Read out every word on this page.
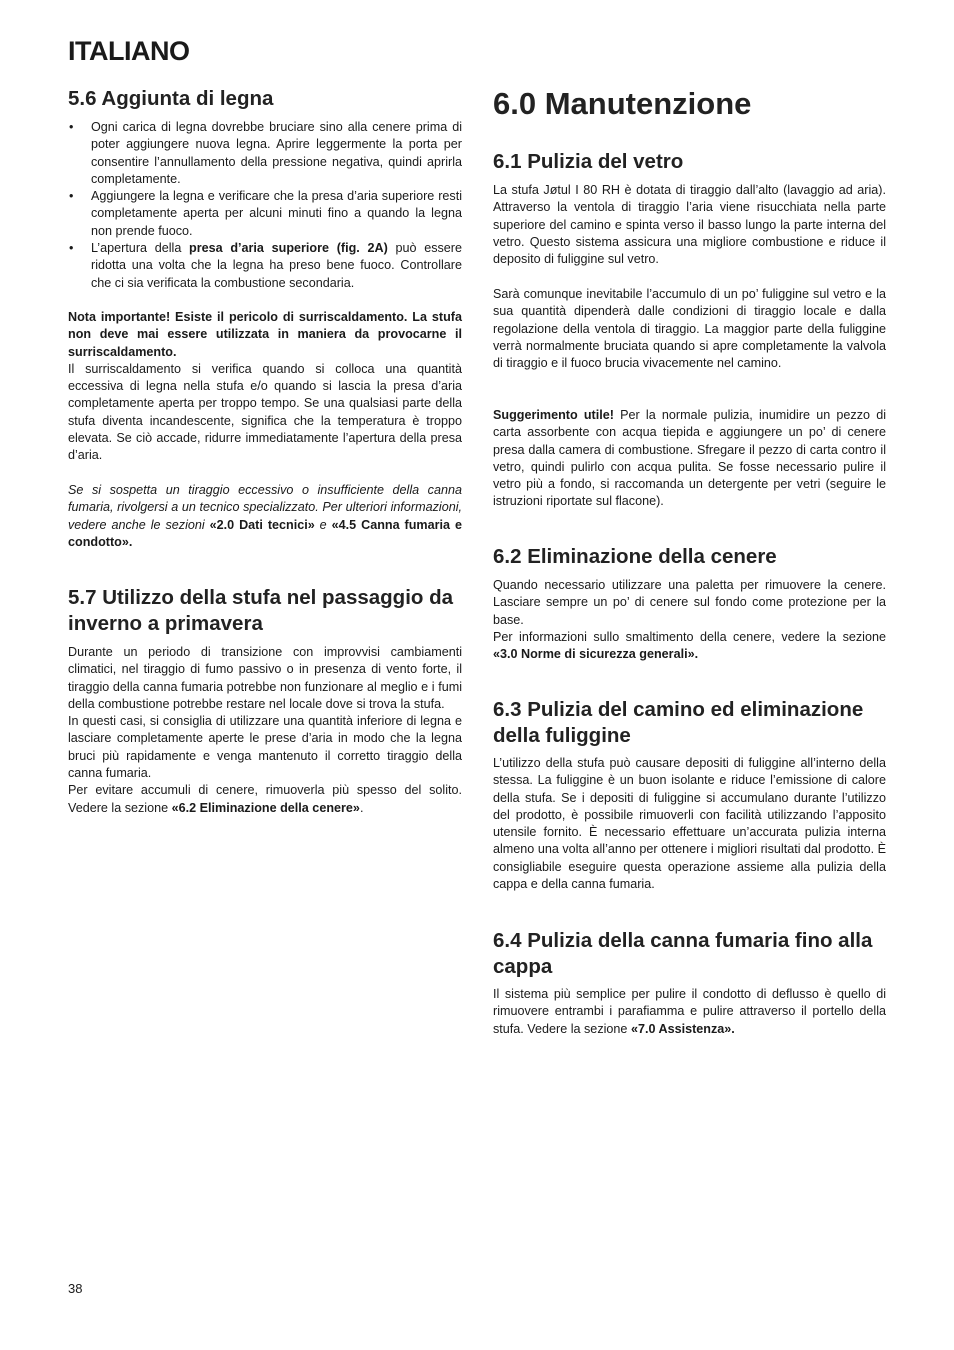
ITALIANO
5.6 Aggiunta di legna
• Ogni carica di legna dovrebbe bruciare sino alla cenere prima di poter aggiungere nuova legna. Aprire leggermente la porta per consentire l’annullamento della pressione negativa, quindi aprirla completamente.
• Aggiungere la legna e verificare che la presa d’aria superiore resti completamente aperta per alcuni minuti fino a quando la legna non prende fuoco.
• L’apertura della presa d’aria superiore (fig. 2A) può essere ridotta una volta che la legna ha preso bene fuoco. Controllare che ci sia verificata la combustione secondaria.

Nota importante! Esiste il pericolo di surriscaldamento. La stufa non deve mai essere utilizzata in maniera da provocarne il surriscaldamento.
Il surriscaldamento si verifica quando si colloca una quantità eccessiva di legna nella stufa e/o quando si lascia la presa d’aria completamente aperta per troppo tempo. Se una qualsiasi parte della stufa diventa incandescente, significa che la temperatura è troppo elevata. Se ciò accade, ridurre immediatamente l’apertura della presa d’aria.

Se si sospetta un tiraggio eccessivo o insufficiente della canna fumaria, rivolgersi a un tecnico specializzato. Per ulteriori informazioni, vedere anche le sezioni «2.0 Dati tecnici» e «4.5 Canna fumaria e condotto».

5.7 Utilizzo della stufa nel passaggio da inverno a primavera

Durante un periodo di transizione con improvvisi cambiamenti climatici, nel tiraggio di fumo passivo o in presenza di vento forte, il tiraggio della canna fumaria potrebbe non funzionare al meglio e i fumi della combustione potrebbe restare nel locale dove si trova la stufa.
In questi casi, si consiglia di utilizzare una quantità inferiore di legna e lasciare completamente aperte le prese d’aria in modo che la legna bruci più rapidamente e venga mantenuto il corretto tiraggio della canna fumaria.
Per evitare accumuli di cenere, rimuoverla più spesso del solito. Vedere la sezione «6.2 Eliminazione della cenere».

6.0 Manutenzione
6.1 Pulizia del vetro

La stufa Jøtul I 80 RH è dotata di tiraggio dall’alto (lavaggio ad aria). Attraverso la ventola di tiraggio l’aria viene risucchiata nella parte superiore del camino e spinta verso il basso lungo la parte interna del vetro. Questo sistema assicura una migliore combustione e riduce il deposito di fuliggine sul vetro.

Sarà comunque inevitabile l’accumulo di un po’ fuliggine sul vetro e la sua quantità dipenderà dalle condizioni di tiraggio locale e dalla regolazione della ventola di tiraggio. La maggior parte della fuliggine verrà normalmente bruciata quando si apre completamente la valvola di tiraggio e il fuoco brucia vivacemente nel camino.

Suggerimento utile! Per la normale pulizia, inumidire un pezzo di carta assorbente con acqua tiepida e aggiungere un po’ di cenere presa dalla camera di combustione. Sfregare il pezzo di carta contro il vetro, quindi pulirlo con acqua pulita. Se fosse necessario pulire il vetro più a fondo, si raccomanda un detergente per vetri (seguire le istruzioni riportate sul flacone).

6.2 Eliminazione della cenere

Quando necessario utilizzare una paletta per rimuovere la cenere. Lasciare sempre un po’ di cenere sul fondo come protezione per la base.
Per informazioni sullo smaltimento della cenere, vedere la sezione «3.0 Norme di sicurezza generali».

6.3 Pulizia del camino ed eliminazione della fuliggine

L’utilizzo della stufa può causare depositi di fuliggine all’interno della stessa. La fuliggine è un buon isolante e riduce l’emissione di calore della stufa. Se i depositi di fuliggine si accumulano durante l’utilizzo del prodotto, è possibile rimuoverli con facilità utilizzando l’apposito utensile fornito. È necessario effettuare un’accurata pulizia interna almeno una volta all’anno per ottenere i migliori risultati dal prodotto. È consigliabile eseguire questa operazione assieme alla pulizia della cappa e della canna fumaria.

6.4 Pulizia della canna fumaria fino alla cappa

Il sistema più semplice per pulire il condotto di deflusso è quello di rimuovere entrambi i parafiamma e pulire attraverso il portello della stufa. Vedere la sezione «7.0 Assistenza».

38
